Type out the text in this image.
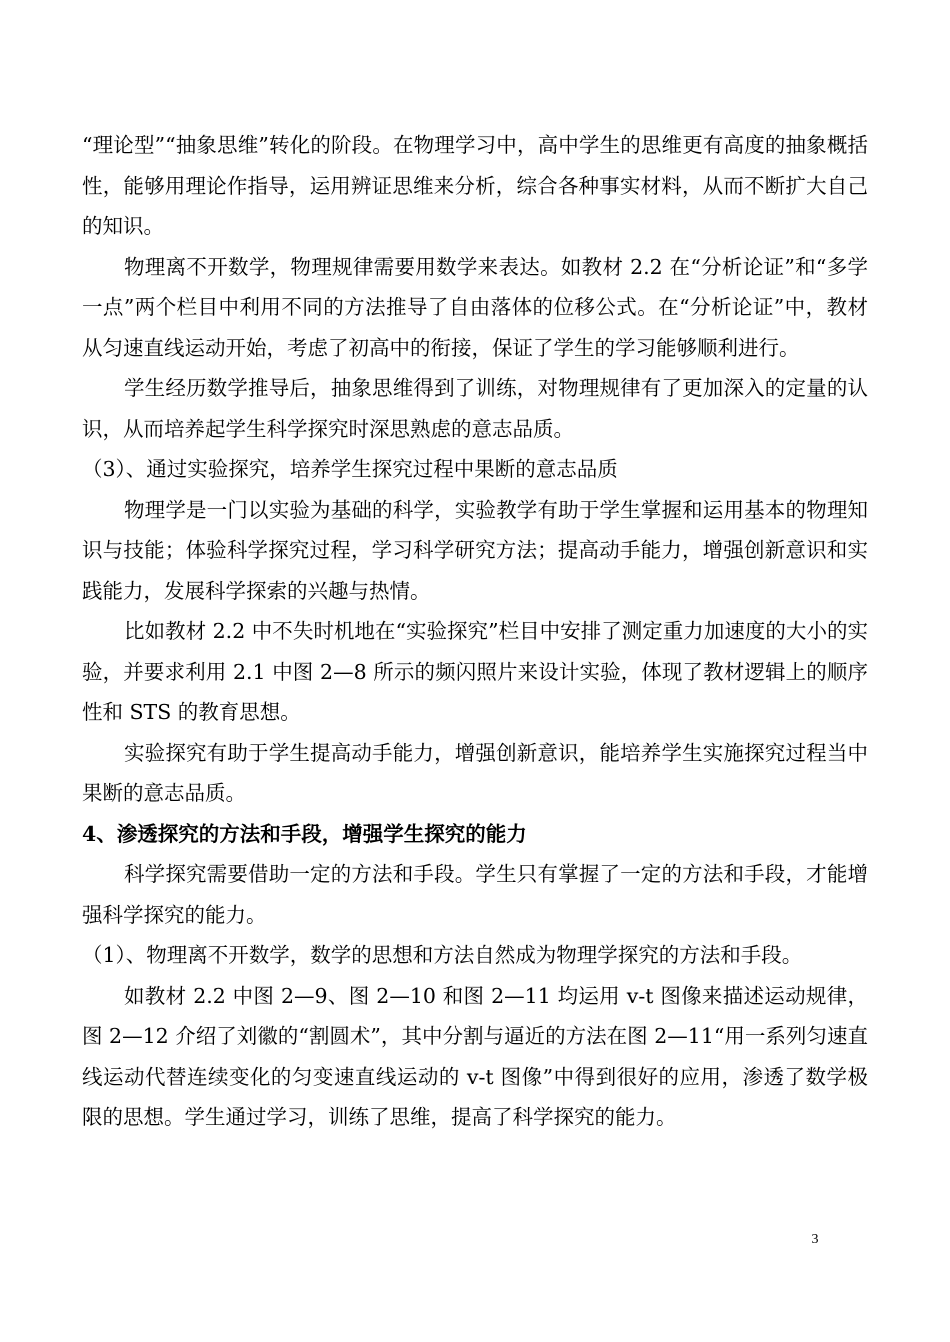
“理论型”“抽象思维”转化的阶段。在物理学习中，高中学生的思维更有高度的抽象概括性，能够用理论作指导，运用辨证思维来分析，综合各种事实材料，从而不断扩大自己的知识。

物理离不开数学，物理规律需要用数学来表达。如教材 2.2 在“分析论证”和“多学一点”两个栏目中利用不同的方法推导了自由落体的位移公式。在“分析论证”中，教材从匀速直线运动开始，考虑了初高中的衔接，保证了学生的学习能够顺利进行。

学生经历数学推导后，抽象思维得到了训练，对物理规律有了更加深入的定量的认识，从而培养起学生科学探究时深思熟虑的意志品质。

（3）、通过实验探究，培养学生探究过程中果断的意志品质

物理学是一门以实验为基础的科学，实验教学有助于学生掌握和运用基本的物理知识与技能；体验科学探究过程，学习科学研究方法；提高动手能力，增强创新意识和实践能力，发展科学探索的兴趣与热情。

比如教材 2.2 中不失时机地在“实验探究”栏目中安排了测定重力加速度的大小的实验，并要求利用 2.1 中图 2—8 所示的频闪照片来设计实验，体现了教材逻辑上的顺序性和 STS 的教育思想。

实验探究有助于学生提高动手能力，增强创新意识，能培养学生实施探究过程当中果断的意志品质。

4、渗透探究的方法和手段，增强学生探究的能力

科学探究需要借助一定的方法和手段。学生只有掌握了一定的方法和手段，才能增强科学探究的能力。

（1）、物理离不开数学，数学的思想和方法自然成为物理学探究的方法和手段。

如教材 2.2 中图 2—9、图 2—10 和图 2—11 均运用 v-t 图像来描述运动规律，图 2—12 介绍了刘徽的“割圆术”，其中分割与逼近的方法在图 2—11“用一系列匀速直线运动代替连续变化的匀变速直线运动的 v-t 图像”中得到很好的应用，渗透了数学极限的思想。学生通过学习，训练了思维，提高了科学探究的能力。

3
